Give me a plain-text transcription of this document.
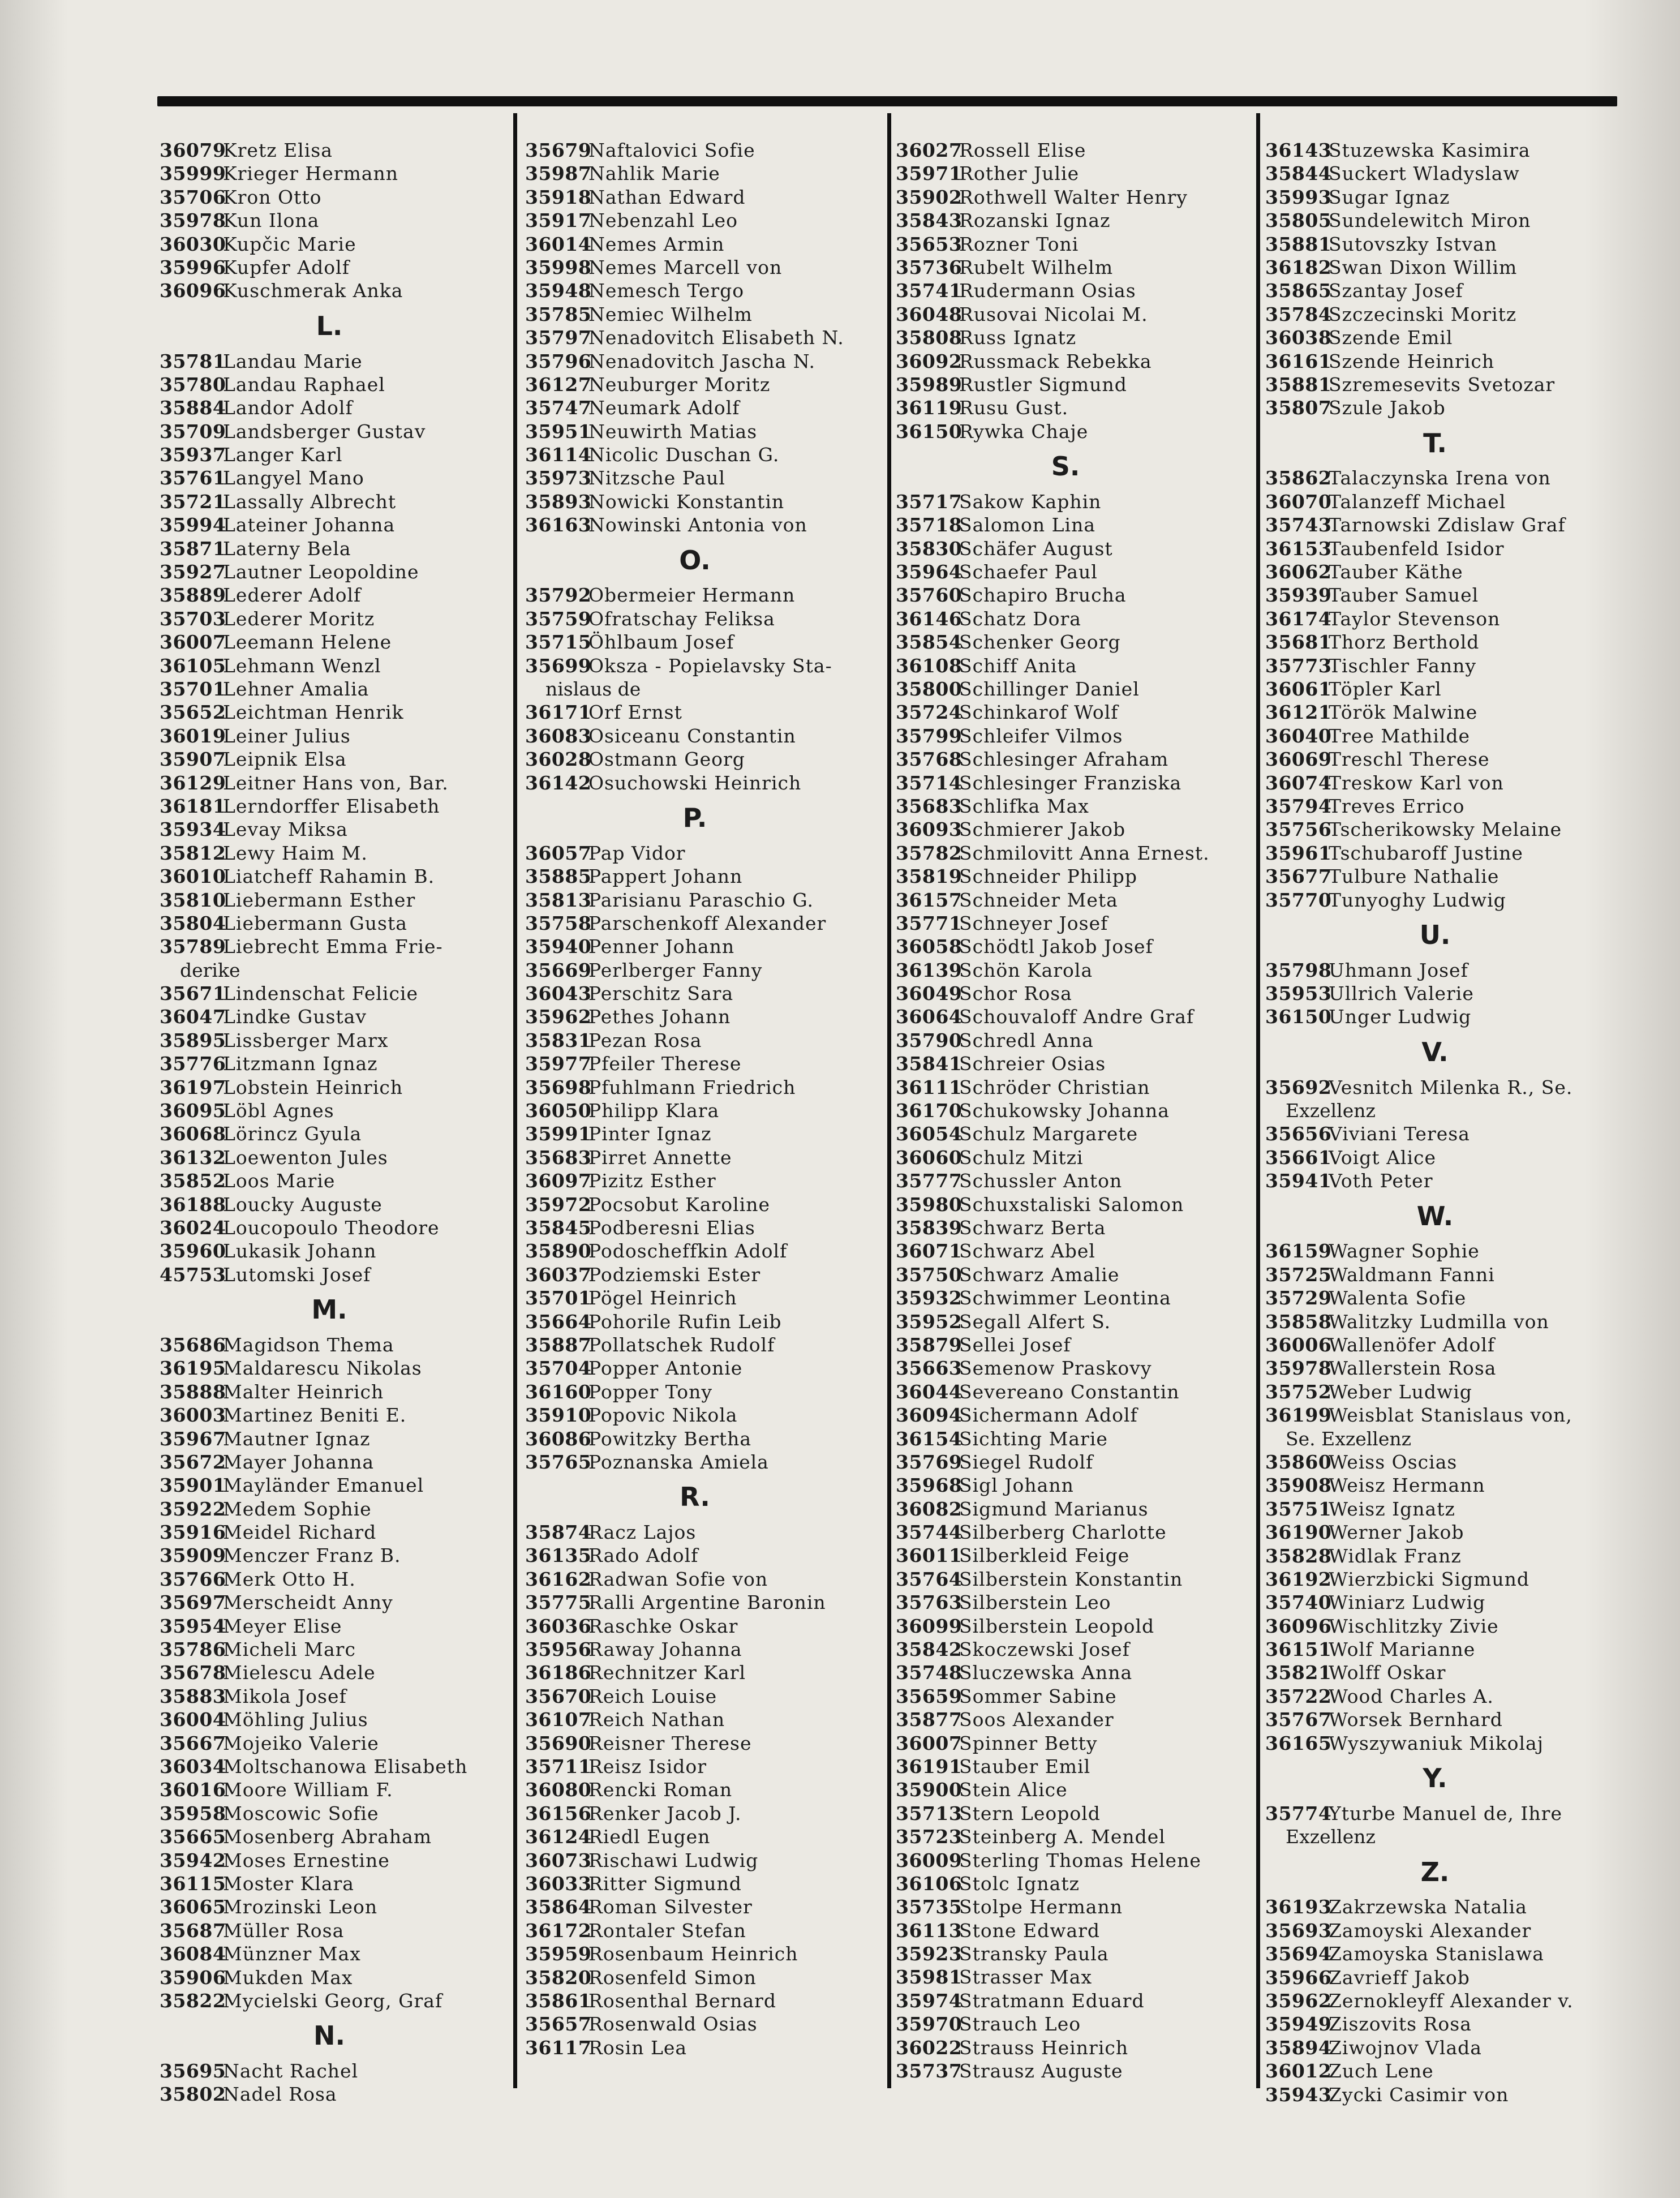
36079
Kretz Elisa
35999
Krieger Hermann
35706
Kron Otto
35978
Kun Ilona
36030
Kupčic Marie
35996
Kupfer Adolf
36096
Kuschmerak Anka
L.
35781
Landau Marie
35780
Landau Raphael
35884
Landor Adolf
35709
Landsberger Gustav
35937
Langer Karl
35761
Langyel Mano
35721
Lassally Albrecht
35994
Lateiner Johanna
35871
Laterny Bela
35927
Lautner Leopoldine
35889
Lederer Adolf
35703
Lederer Moritz
36007
Leemann Helene
36105
Lehmann Wenzl
35701
Lehner Amalia
35652
Leichtman Henrik
36019
Leiner Julius
35907
Leipnik Elsa
36129
Leitner Hans von, Bar.
36181
Lerndorffer Elisabeth
35934
Levay Miksa
35812
Lewy Haim M.
36010
Liatcheff Rahamin B.
35810
Liebermann Esther
35804
Liebermann Gusta
35789
Liebrecht Emma Frie-
derike
35671
Lindenschat Felicie
36047
Lindke Gustav
35895
Lissberger Marx
35776
Litzmann Ignaz
36197
Lobstein Heinrich
36095
Löbl Agnes
36068
Lörincz Gyula
36132
Loewenton Jules
35852
Loos Marie
36188
Loucky Auguste
36024
Loucopoulo Theodore
35960
Lukasik Johann
45753
Lutomski Josef
M.
35686
Magidson Thema
36195
Maldarescu Nikolas
35888
Malter Heinrich
36003
Martinez Beniti E.
35967
Mautner Ignaz
35672
Mayer Johanna
35901
Mayländer Emanuel
35922
Medem Sophie
35916
Meidel Richard
35909
Menczer Franz B.
35766
Merk Otto H.
35697
Merscheidt Anny
35954
Meyer Elise
35786
Micheli Marc
35678
Mielescu Adele
35883
Mikola Josef
36004
Möhling Julius
35667
Mojeiko Valerie
36034
Moltschanowa Elisabeth
36016
Moore William F.
35958
Moscowic Sofie
35665
Mosenberg Abraham
35942
Moses Ernestine
36115
Moster Klara
36065
Mrozinski Leon
35687
Müller Rosa
36084
Münzner Max
35906
Mukden Max
35822
Mycielski Georg, Graf
N.
35695
Nacht Rachel
35802
Nadel Rosa
35679
Naftalovici Sofie
35987
Nahlik Marie
35918
Nathan Edward
35917
Nebenzahl Leo
36014
Nemes Armin
35998
Nemes Marcell von
35948
Nemesch Tergo
35785
Nemiec Wilhelm
35797
Nenadovitch Elisabeth N.
35796
Nenadovitch Jascha N.
36127
Neuburger Moritz
35747
Neumark Adolf
35951
Neuwirth Matias
36114
Nicolic Duschan G.
35973
Nitzsche Paul
35893
Nowicki Konstantin
36163
Nowinski Antonia von
O.
35792
Obermeier Hermann
35759
Ofratschay Feliksa
35715
Öhlbaum Josef
35699
Oksza - Popielavsky Sta-
nislaus de
36171
Orf Ernst
36083
Osiceanu Constantin
36028
Ostmann Georg
36142
Osuchowski Heinrich
P.
36057
Pap Vidor
35885
Pappert Johann
35813
Parisianu Paraschio G.
35758
Parschenkoff Alexander
35940
Penner Johann
35669
Perlberger Fanny
36043
Perschitz Sara
35962
Pethes Johann
35831
Pezan Rosa
35977
Pfeiler Therese
35698
Pfuhlmann Friedrich
36050
Philipp Klara
35991
Pinter Ignaz
35683
Pirret Annette
36097
Pizitz Esther
35972
Pocsobut Karoline
35845
Podberesni Elias
35890
Podoscheffkin Adolf
36037
Podziemski Ester
35701
Pögel Heinrich
35664
Pohorile Rufin Leib
35887
Pollatschek Rudolf
35704
Popper Antonie
36160
Popper Tony
35910
Popovic Nikola
36086
Powitzky Bertha
35765
Poznanska Amiela
R.
35874
Racz Lajos
36135
Rado Adolf
36162
Radwan Sofie von
35775
Ralli Argentine Baronin
36036
Raschke Oskar
35956
Raway Johanna
36186
Rechnitzer Karl
35670
Reich Louise
36107
Reich Nathan
35690
Reisner Therese
35711
Reisz Isidor
36080
Rencki Roman
36156
Renker Jacob J.
36124
Riedl Eugen
36073
Rischawi Ludwig
36033
Ritter Sigmund
35864
Roman Silvester
36172
Rontaler Stefan
35959
Rosenbaum Heinrich
35820
Rosenfeld Simon
35861
Rosenthal Bernard
35657
Rosenwald Osias
36117
Rosin Lea
36027
Rossell Elise
35971
Rother Julie
35902
Rothwell Walter Henry
35843
Rozanski Ignaz
35653
Rozner Toni
35736
Rubelt Wilhelm
35741
Rudermann Osias
36048
Rusovai Nicolai M.
35808
Russ Ignatz
36092
Russmack Rebekka
35989
Rustler Sigmund
36119
Rusu Gust.
36150
Rywka Chaje
S.
35717
Sakow Kaphin
35718
Salomon Lina
35830
Schäfer August
35964
Schaefer Paul
35760
Schapiro Brucha
36146
Schatz Dora
35854
Schenker Georg
36108
Schiff Anita
35800
Schillinger Daniel
35724
Schinkarof Wolf
35799
Schleifer Vilmos
35768
Schlesinger Afraham
35714
Schlesinger Franziska
35683
Schlifka Max
36093
Schmierer Jakob
35782
Schmilovitt Anna Ernest.
35819
Schneider Philipp
36157
Schneider Meta
35771
Schneyer Josef
36058
Schödtl Jakob Josef
36139
Schön Karola
36049
Schor Rosa
36064
Schouvaloff Andre Graf
35790
Schredl Anna
35841
Schreier Osias
36111
Schröder Christian
36170
Schukowsky Johanna
36054
Schulz Margarete
36060
Schulz Mitzi
35777
Schussler Anton
35980
Schuxstaliski Salomon
35839
Schwarz Berta
36071
Schwarz Abel
35750
Schwarz Amalie
35932
Schwimmer Leontina
35952
Segall Alfert S.
35879
Sellei Josef
35663
Semenow Praskovy
36044
Severeano Constantin
36094
Sichermann Adolf
36154
Sichting Marie
35769
Siegel Rudolf
35968
Sigl Johann
36082
Sigmund Marianus
35744
Silberberg Charlotte
36011
Silberkleid Feige
35764
Silberstein Konstantin
35763
Silberstein Leo
36099
Silberstein Leopold
35842
Skoczewski Josef
35748
Sluczewska Anna
35659
Sommer Sabine
35877
Soos Alexander
36007
Spinner Betty
36191
Stauber Emil
35900
Stein Alice
35713
Stern Leopold
35723
Steinberg A. Mendel
36009
Sterling Thomas Helene
36106
Stolc Ignatz
35735
Stolpe Hermann
36113
Stone Edward
35923
Stransky Paula
35981
Strasser Max
35974
Stratmann Eduard
35970
Strauch Leo
36022
Strauss Heinrich
35737
Strausz Auguste
36143
Stuzewska Kasimira
35844
Suckert Wladyslaw
35993
Sugar Ignaz
35805
Sundelewitch Miron
35881
Sutovszky Istvan
36182
Swan Dixon Willim
35865
Szantay Josef
35784
Szczecinski Moritz
36038
Szende Emil
36161
Szende Heinrich
35881
Szremesevits Svetozar
35807
Szule Jakob
T.
35862
Talaczynska Irena von
36070
Talanzeff Michael
35743
Tarnowski Zdislaw Graf
36153
Taubenfeld Isidor
36062
Tauber Käthe
35939
Tauber Samuel
36174
Taylor Stevenson
35681
Thorz Berthold
35773
Tischler Fanny
36061
Töpler Karl
36121
Török Malwine
36040
Tree Mathilde
36069
Treschl Therese
36074
Treskow Karl von
35794
Treves Errico
35756
Tscherikowsky Melaine
35961
Tschubaroff Justine
35677
Tulbure Nathalie
35770
Tunyoghy Ludwig
U.
35798
Uhmann Josef
35953
Ullrich Valerie
36150
Unger Ludwig
V.
35692
Vesnitch Milenka R., Se.
Exzellenz
35656
Viviani Teresa
35661
Voigt Alice
35941
Voth Peter
W.
36159
Wagner Sophie
35725
Waldmann Fanni
35729
Walenta Sofie
35858
Walitzky Ludmilla von
36006
Wallenöfer Adolf
35978
Wallerstein Rosa
35752
Weber Ludwig
36199
Weisblat Stanislaus von,
Se. Exzellenz
35860
Weiss Oscias
35908
Weisz Hermann
35751
Weisz Ignatz
36190
Werner Jakob
35828
Widlak Franz
36192
Wierzbicki Sigmund
35740
Winiarz Ludwig
36096
Wischlitzky Zivie
36151
Wolf Marianne
35821
Wolff Oskar
35722
Wood Charles A.
35767
Worsek Bernhard
36165
Wyszywaniuk Mikolaj
Y.
35774
Yturbe Manuel de, Ihre
Exzellenz
Z.
36193
Zakrzewska Natalia
35693
Zamoyski Alexander
35694
Zamoyska Stanislawa
35966
Zavrieff Jakob
35962
Zernokleyff Alexander v.
35949
Ziszovits Rosa
35894
Ziwojnov Vlada
36012
Zuch Lene
35943
Zycki Casimir von
